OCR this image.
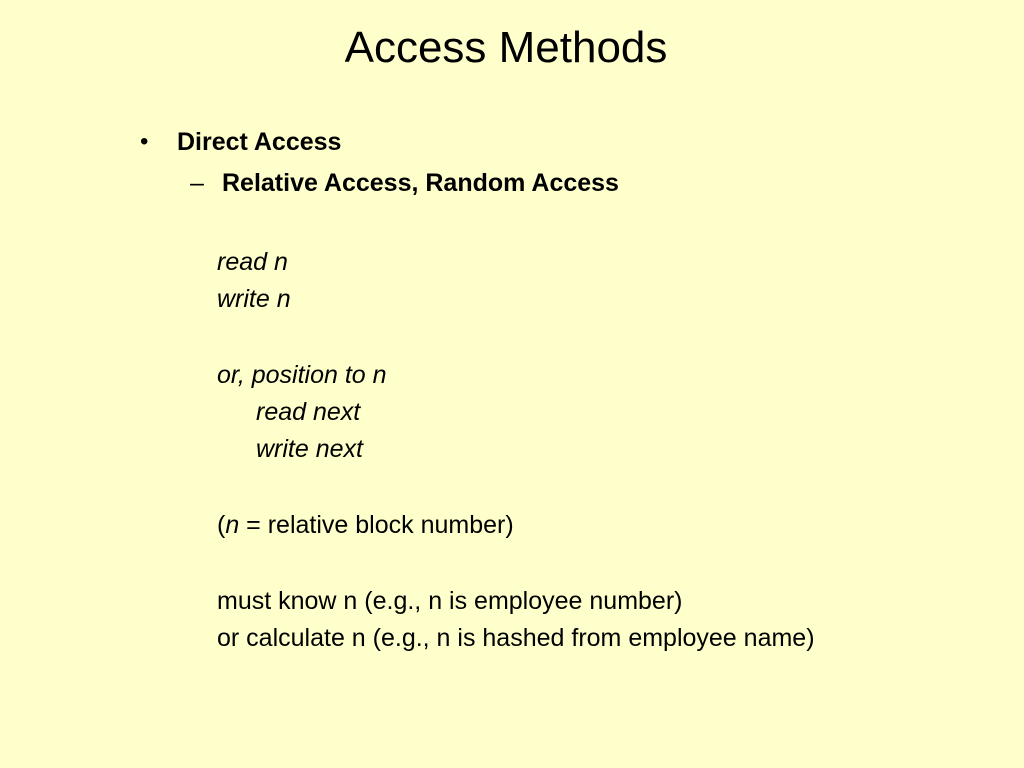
Access Methods
• Direct Access
– Relative Access, Random Access
read n
write n
or, position to n
read next
write next
(n = relative block number)
must know n (e.g., n is employee number)
or calculate n (e.g., n is hashed from employee name)
